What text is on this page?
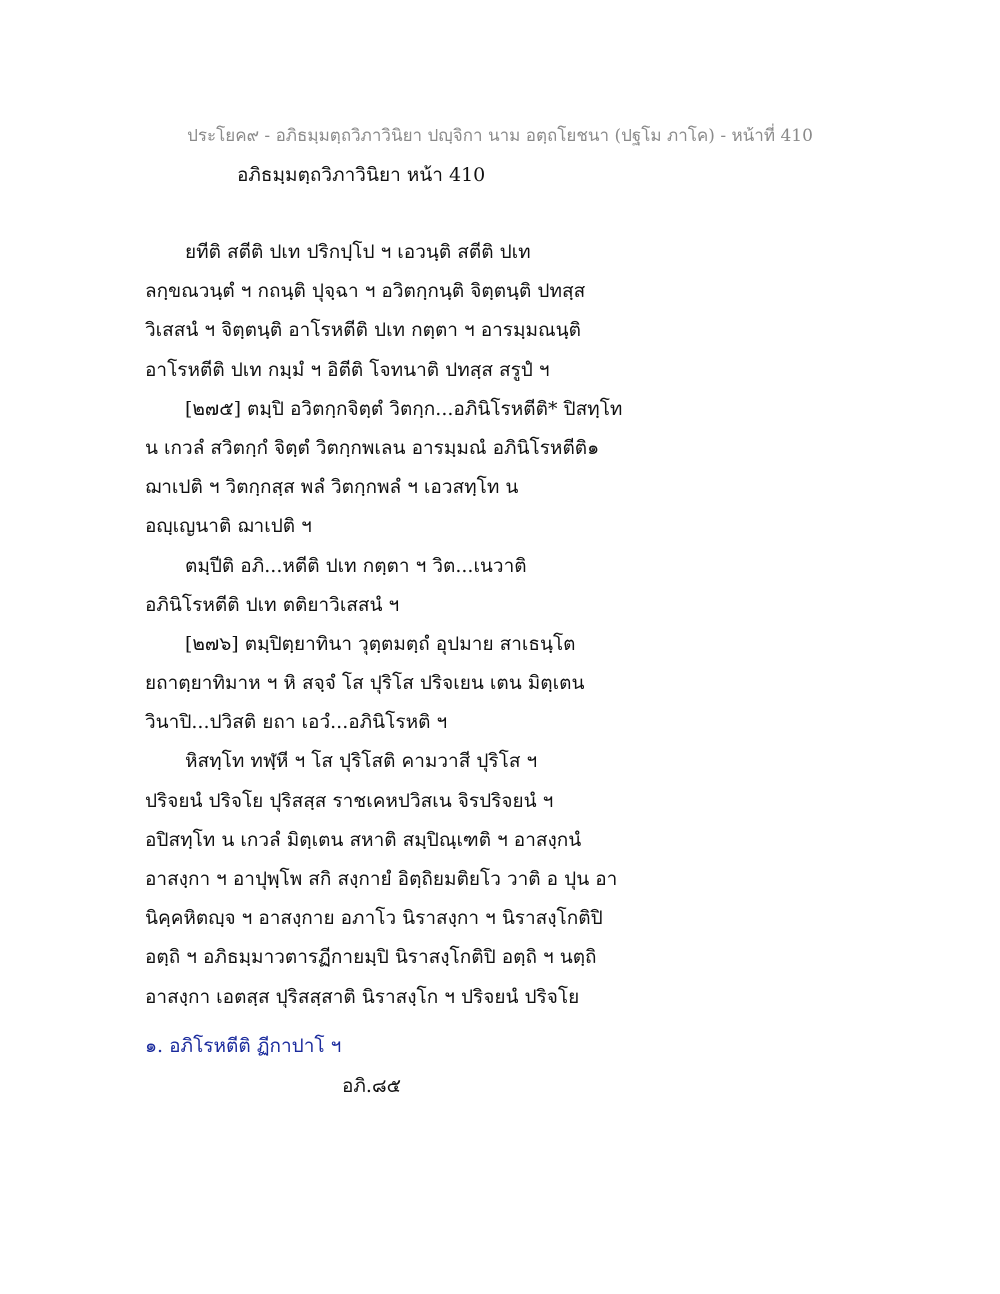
ประโยค๙ - อภิธมฺมตฺถวิภาวินิยา ปญฺจิกา นาม อตฺถโยชนา (ปฐโม ภาโค) - หน้าที่ 410
อภิธมฺมตฺถวิภาวินิยา หน้า 410
ยทีติ สตีติ ปเท ปริกปฺโป ฯ เอวนฺติ สตีติ ปเท
ลกฺขณวนฺตํ ฯ กถนฺติ ปุจฺฉา ฯ อวิตกฺกนฺติ จิตฺตนฺติ ปทสฺส
วิเสสนํ ฯ จิตฺตนฺติ อาโรหตีติ ปเท กตฺตา ฯ อารมฺมณนฺติ
อาโรหตีติ ปเท กมฺมํ ฯ อิตีติ โจทนาติ ปทสฺส สรูปํ ฯ
[๒๗๕] ตมฺปิ อวิตกฺกจิตฺตํ วิตกฺก...อภินิโรหตีติ* ปิสทฺโท
น เกวลํ สวิตกฺกํ จิตฺตํ วิตกฺกพเลน อารมฺมณํ อภินิโรหตีติ๑
ฌาเปติ ฯ วิตกฺกสฺส พลํ วิตกฺกพลํ ฯ เอวสทฺโท น
อญฺเญนาติ ฌาเปติ ฯ
ตมฺปีติ อภิ...หตีติ ปเท กตฺตา ฯ วิต...เนวาติ
อภินิโรหตีติ ปเท ตติยาวิเสสนํ ฯ
[๒๗๖] ตมฺปิตฺยาทินา วุตฺตมตฺถํ อุปมาย สาเธนฺโต
ยถาตฺยาทิมาห ฯ หิ สจฺจํ โส ปุริโส ปริจเยน เตน มิตฺเตน
วินาปิ...ปวิสติ ยถา เอวํ...อภินิโรหติ ฯ
หิสทฺโท ทฬฺหี ฯ โส ปุริโสติ คามวาสี ปุริโส ฯ
ปริจยนํ ปริจโย ปุริสสฺส ราชเคหปวิสเน จิรปริจยนํ ฯ
อปิสทฺโท น เกวลํ มิตฺเตน สหาติ สมฺปิณฺเฑติ ฯ อาสงฺกนํ
อาสงฺกา ฯ อาปุพฺโพ สกิ สงฺกายํ อิตฺถิยมติยโว วาติ อ ปุน อา
นิคฺคหิตญฺจ ฯ อาสงฺกาย อภาโว นิราสงฺกา ฯ นิราสงฺโกติปิ
อตฺถิ ฯ อภิธมฺมาวตารฏีกายมฺปิ นิราสงฺโกติปิ อตฺถิ ฯ นตฺถิ
อาสงฺกา เอตสฺส ปุริสสฺสาติ นิราสงฺโก ฯ ปริจยนํ ปริจโย
๑. อภิโรหตีติ ฏีกาปาโ ฯ
อภิ.๘๕
